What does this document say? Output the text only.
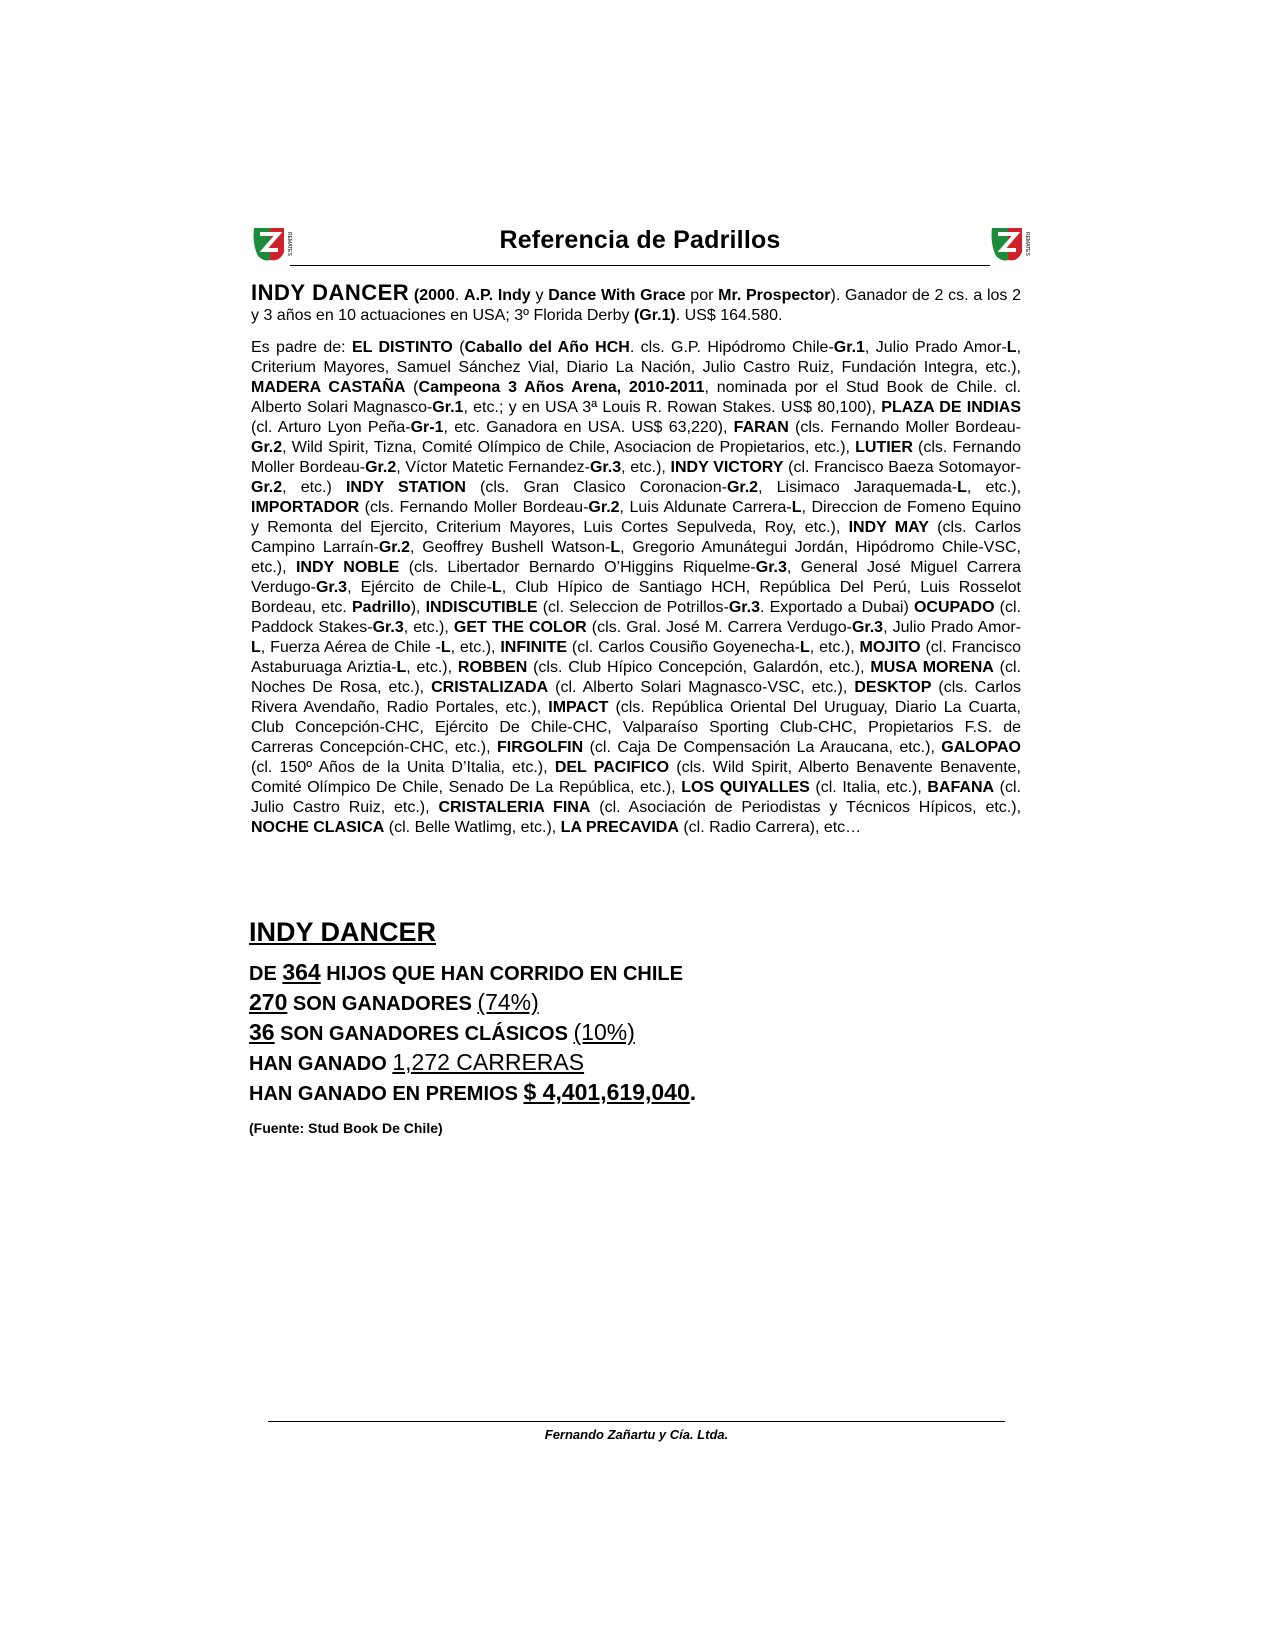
REMATES	Referencia de Padrillos	REMATES

INDY DANCER (2000. A.P. Indy y Dance With Grace por Mr. Prospector). Ganador de 2 cs. a los 2 y 3 años en 10 actuaciones en USA; 3º Florida Derby (Gr.1). US$ 164.580.

Es padre de: EL DISTINTO (Caballo del Año HCH. cls. G.P. Hipódromo Chile-Gr.1, Julio Prado Amor-L, Criterium Mayores, Samuel Sánchez Vial, Diario La Nación, Julio Castro Ruiz, Fundación Integra, etc.), MADERA CASTAÑA (Campeona 3 Años Arena, 2010-2011, nominada por el Stud Book de Chile. cl. Alberto Solari Magnasco-Gr.1, etc.; y en USA 3ª Louis R. Rowan Stakes. US$ 80,100), PLAZA DE INDIAS (cl. Arturo Lyon Peña-Gr-1, etc. Ganadora en USA. US$ 63,220), FARAN (cls. Fernando Moller Bordeau-Gr.2, Wild Spirit, Tizna, Comité Olímpico de Chile, Asociacion de Propietarios, etc.), LUTIER (cls. Fernando Moller Bordeau-Gr.2, Víctor Matetic Fernandez-Gr.3, etc.), INDY VICTORY (cl. Francisco Baeza Sotomayor-Gr.2, etc.) INDY STATION (cls. Gran Clasico Coronacion-Gr.2, Lisimaco Jaraquemada-L, etc.), IMPORTADOR (cls. Fernando Moller Bordeau-Gr.2, Luis Aldunate Carrera-L, Direccion de Fomeno Equino y Remonta del Ejercito, Criterium Mayores, Luis Cortes Sepulveda, Roy, etc.), INDY MAY (cls. Carlos Campino Larraín-Gr.2, Geoffrey Bushell Watson-L, Gregorio Amunátegui Jordán, Hipódromo Chile-VSC, etc.), INDY NOBLE (cls. Libertador Bernardo O’Higgins Riquelme-Gr.3, General José Miguel Carrera Verdugo-Gr.3, Ejército de Chile-L, Club Hípico de Santiago HCH, República Del Perú, Luis Rosselot Bordeau, etc. Padrillo), INDISCUTIBLE (cl. Seleccion de Potrillos-Gr.3. Exportado a Dubai) OCUPADO (cl. Paddock Stakes-Gr.3, etc.), GET THE COLOR (cls. Gral. José M. Carrera Verdugo-Gr.3, Julio Prado Amor-L, Fuerza Aérea de Chile -L, etc.), INFINITE (cl. Carlos Cousiño Goyenecha-L, etc.), MOJITO (cl. Francisco Astaburuaga Ariztia-L, etc.), ROBBEN (cls. Club Hípico Concepción, Galardón, etc.), MUSA MORENA (cl. Noches De Rosa, etc.), CRISTALIZADA (cl. Alberto Solari Magnasco-VSC, etc.), DESKTOP (cls. Carlos Rivera Avendaño, Radio Portales, etc.), IMPACT (cls. República Oriental Del Uruguay, Diario La Cuarta, Club Concepción-CHC, Ejército De Chile-CHC, Valparaíso Sporting Club-CHC, Propietarios F.S. de Carreras Concepción-CHC, etc.), FIRGOLFIN (cl. Caja De Compensación La Araucana, etc.), GALOPAO (cl. 150º Años de la Unita D’Italia, etc.), DEL PACIFICO (cls. Wild Spirit, Alberto Benavente Benavente, Comité Olímpico De Chile, Senado De La República, etc.), LOS QUIYALLES (cl. Italia, etc.), BAFANA (cl. Julio Castro Ruiz, etc.), CRISTALERIA FINA (cl. Asociación de Periodistas y Técnicos Hípicos, etc.), NOCHE CLASICA (cl. Belle Watlimg, etc.), LA PRECAVIDA (cl. Radio Carrera), etc…

INDY DANCER

DE 364 HIJOS QUE HAN CORRIDO EN CHILE

270 SON GANADORES (74%)

36 SON GANADORES CLÁSICOS (10%)

HAN GANADO 1,272 CARRERAS

HAN GANADO EN PREMIOS $ 4,401,619,040.

(Fuente: Stud Book De Chile)
Fernando Zañartu y Cía. Ltda.
